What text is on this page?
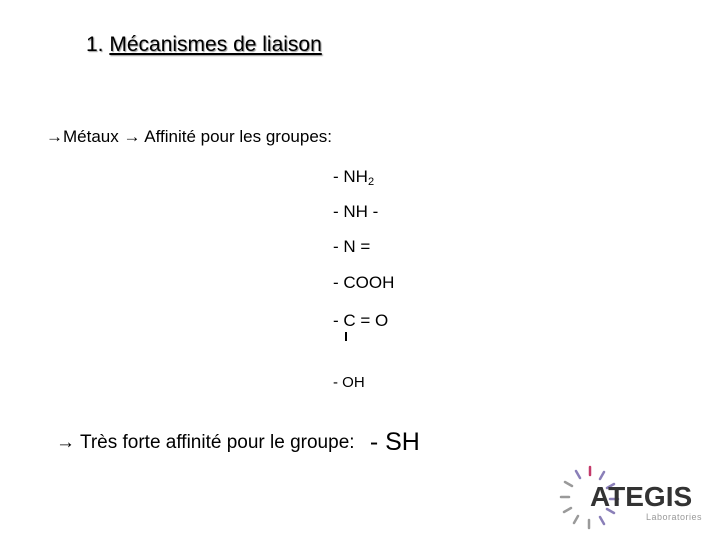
1. Mécanismes de liaison
→Métaux → Affinité pour les groupes:
- $NH_2$
- NH -
- N =
- COOH
- C = O
- OH
→ Très forte affinité pour le groupe: - SH
ATEGIS
Laboratories
